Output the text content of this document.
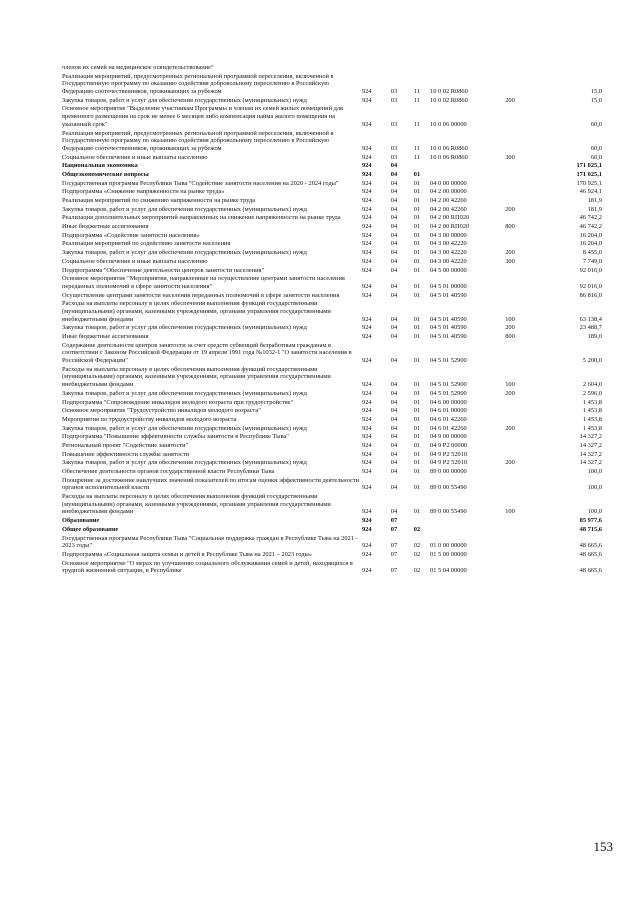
членов их семей на медицинское освидетельствование"						
Реализация мероприятий, предусмотренных региональной программой переселения, включенной в Государственную программу по оказанию содействия добровольному переселению в Российскую Федерацию соотечественников, проживающих за рубежом	924	03	11	10 0 02 R0860		15,0
Закупка товаров, работ и услуг для обеспечения государственных (муниципальных) нужд	924	03	11	10 0 02 R0860	200	15,0
Основное мероприятие "Выделение участникам Программы и членам их семей жилых помещений для временного размещения на срок не менее 6 месяцев либо компенсация найма жилого помещения на указанный срок"	924	03	11	10 0 06 00000		60,0
Реализация мероприятий, предусмотренных региональной программой переселения, включенной в Государственную программу по оказанию содействия добровольному переселению в Российскую Федерацию соотечественников, проживающих за рубежом	924	03	11	10 0 06 R0860		60,0
Социальное обеспечение и иные выплаты населению	924	03	11	10 0 06 R0860	300	60,0
Национальная экономика	924	04				171 025,1
Общеэкономические вопросы	924	04	01			171 025,1
Государственная программа Республики Тыва "Содействие занятости населения на 2020 - 2024 годы"	924	04	01	04 0 00 00000		170 925,1
Подпрограмма «Снижение напряженности на рынке труда»	924	04	01	04 2 00 00000		46 924,1
Реализация мероприятий по снижению напряженности на рынке труда	924	04	01	04 2 00 42260		181,9
Закупка товаров, работ и услуг для обеспечения государственных (муниципальных) нужд	924	04	01	04 2 00 42260	200	181,9
Реализация дополнительных мероприятий направленных на снижение напряженности на рынке труда	924	04	01	04 2 00 RП020		46 742,2
Иные бюджетные ассигнования	924	04	01	04 2 00 RП020	800	46 742,2
Подпрограмма «Содействие занятости населения»	924	04	01	04 3 00 00000		16 204,0
Реализация мероприятий по содействию занятости населения	924	04	01	04 3 00 42220		16 204,0
Закупка товаров, работ и услуг для обеспечения государственных (муниципальных) нужд	924	04	01	04 3 00 42220	200	8 455,0
Социальное обеспечение и иные выплаты населению	924	04	01	04 3 00 42220	300	7 749,0
Подпрограмма "Обеспечение деятельности центров занятости населения"	924	04	01	04 5 00 00000		92 016,0
Основное мероприятие "Мероприятия, направленные на осуществление центрами занятости населения переданных полномочий в сфере занятости населения"	924	04	01	04 5 01 00000		92 016,0
Осуществление центрами занятости населения переданных полномочий в сфере занятости населения	924	04	01	04 5 01 40590		86 816,0
Расходы на выплаты персоналу в целях обеспечения выполнения функций государственными (муниципальными) органами, казенными учреждениями, органами управления государственными внебюджетными фондами	924	04	01	04 5 01 40590	100	63 138,4
Закупка товаров, работ и услуг для обеспечения государственных (муниципальных) нужд	924	04	01	04 5 01 40590	200	23 488,7
Иные бюджетные ассигнования	924	04	01	04 5 01 40590	800	189,0
Содержание деятельности центров занятости за счет средств субвенций безработным гражданам в соответствии с Законом Российской Федерации от 19 апреля 1991 года №1032-1 "О занятости населения в Российской Федерации"	924	04	01	04 5 01 52900		5 200,0
Расходы на выплаты персоналу в целях обеспечения выполнения функций государственными (муниципальными) органами, казенными учреждениями, органами управления государственными внебюджетными фондами	924	04	01	04 5 01 52900	100	2 604,0
Закупка товаров, работ и услуг для обеспечения государственных (муниципальных) нужд	924	04	01	04 5 01 52900	200	2 596,0
Подпрограмма "Сопровождение инвалидов молодого возраста при трудоустройстве"	924	04	01	04 6 00 00000		1 453,8
Основное мероприятие "Трудоустройство инвалидов молодого возраста"	924	04	01	04 6 01 00000		1 453,8
Мероприятия по трудоустройству инвалидов молодого возраста	924	04	01	04 6 01 42260		1 453,8
Закупка товаров, работ и услуг для обеспечения государственных (муниципальных) нужд	924	04	01	04 6 01 42260	200	1 453,8
Подпрограмма "Повышение эффективности службы занятости в Республике Тыва"	924	04	01	04 9 00 00000		14 327,2
Региональный проект "Содействие занятости"	924	04	01	04 9 P2 00000		14 327,2
Повышение эффективности службы занятости	924	04	01	04 9 P2 52910		14 327,2
Закупка товаров, работ и услуг для обеспечения государственных (муниципальных) нужд	924	04	01	04 9 P2 52910	200	14 327,2
Обеспечение деятельности органов государственной власти Республики Тыва	924	04	01	89 0 00 00000		100,0
Поощрение за достижение наилучших значений показателей по итогам оценки эффективности деятельности органов исполнительной власти	924	04	01	89 0 00 55490		100,0
Расходы на выплаты персоналу в целях обеспечения выполнения функций государственными (муниципальными) органами, казенными учреждениями, органами управления государственными внебюджетными фондами	924	04	01	89 0 00 55490	100	100,0
Образование	924	07				85 977,6
Общее образование	924	07	02			48 715,6
Государственная программа Республики Тыва "Социальная поддержка граждан в Республике Тыва на 2021 - 2023 годы"	924	07	02	01 0 00 00000		48 665,6
Подпрограмма «Социальная защита семьи и детей в Республике Тыва на 2021 – 2023 годы»	924	07	02	01 5 00 00000		48 665,6
Основное мероприятие "О мерах по улучшению социального обслуживания семей и детей, находящихся в трудной жизненной ситуации, в Республике	924	07	02	01 5 04 00000		48 665,6
153
